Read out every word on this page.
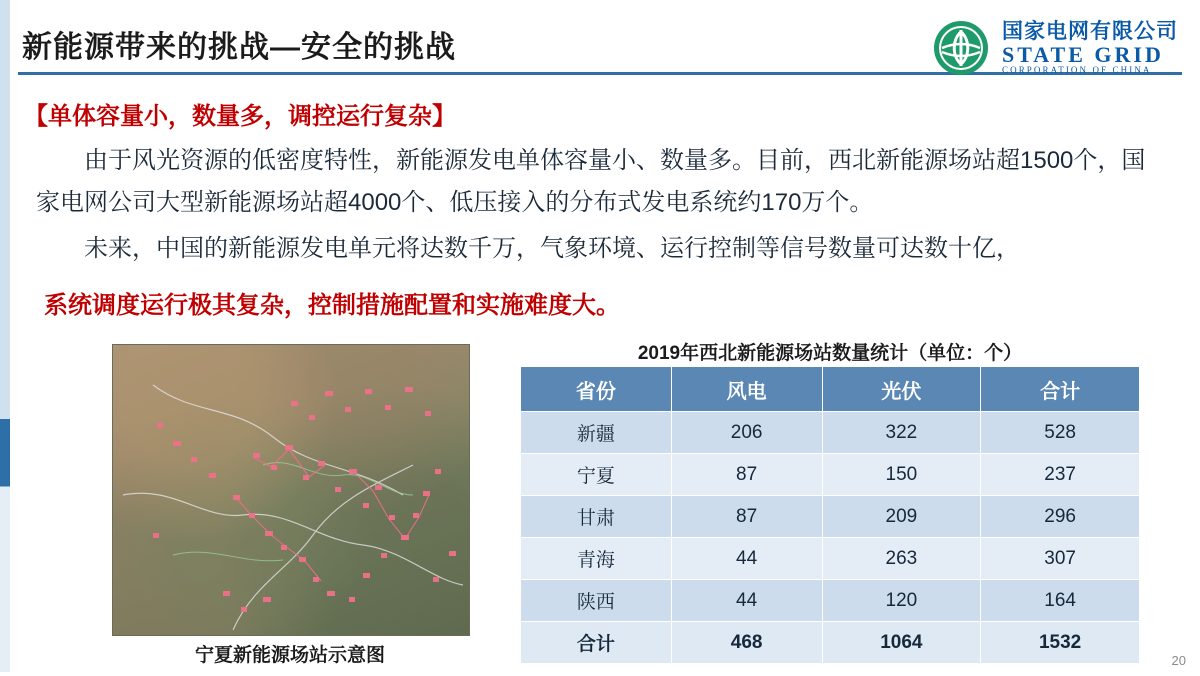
新能源带来的挑战—安全的挑战	国家电网有限公司
STATE GRID
CORPORATION OF CHINA
【单体容量小，数量多，调控运行复杂】
由于风光资源的低密度特性，新能源发电单体容量小、数量多。目前，西北新能源场站超1500个，国家电网公司大型新能源场站超4000个、低压接入的分布式发电系统约170万个。
未来，中国的新能源发电单元将达数千万，气象环境、运行控制等信号数量可达数十亿，
系统调度运行极其复杂，控制措施配置和实施难度大。
宁夏新能源场站示意图
2019年西北新能源场站数量统计（单位：个）
省份	风电	光伏	合计
新疆	206	322	528
宁夏	87	150	237
甘肃	87	209	296
青海	44	263	307
陕西	44	120	164
合计	468	1064	1532
20
